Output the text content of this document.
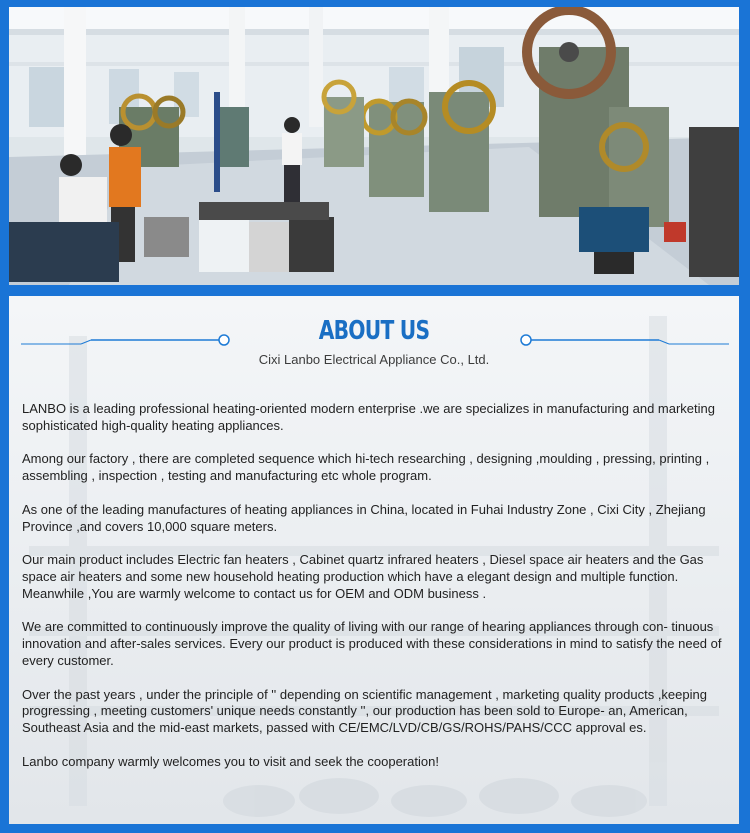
ABOUT US
Cixi Lanbo Electrical Appliance Co., Ltd.

LANBO is a leading professional heating-oriented modern enterprise .we are specializes in manufacturing and marketing sophisticated high-quality heating appliances.

Among our factory , there are completed sequence which hi-tech researching , designing ,moulding , pressing, printing , assembling , inspection , testing and manufacturing etc whole program.

As one of the leading manufactures of heating appliances in China, located in Fuhai Industry Zone , Cixi City , Zhejiang Province ,and covers 10,000 square meters.

Our main product includes Electric fan heaters , Cabinet quartz infrared heaters , Diesel space air heaters and the Gas space air heaters and some new household heating production which have a elegant design and multiple function. Meanwhile ,You are warmly welcome to contact us for OEM and ODM business .

We are committed to continuously improve the quality of living with our range of hearing appliances through con- tinuous innovation and after-sales services. Every our product is produced with these considerations in mind to satisfy the need of every customer.

Over the past years , under the principle of '' depending on scientific management , marketing quality products ,keeping progressing , meeting customers' unique needs constantly '', our production has been sold to Europe- an, American, Southeast Asia and the mid-east markets, passed with CE/EMC/LVD/CB/GS/ROHS/PAHS/CCC approval es.

Lanbo company warmly welcomes you to visit and seek the cooperation!
